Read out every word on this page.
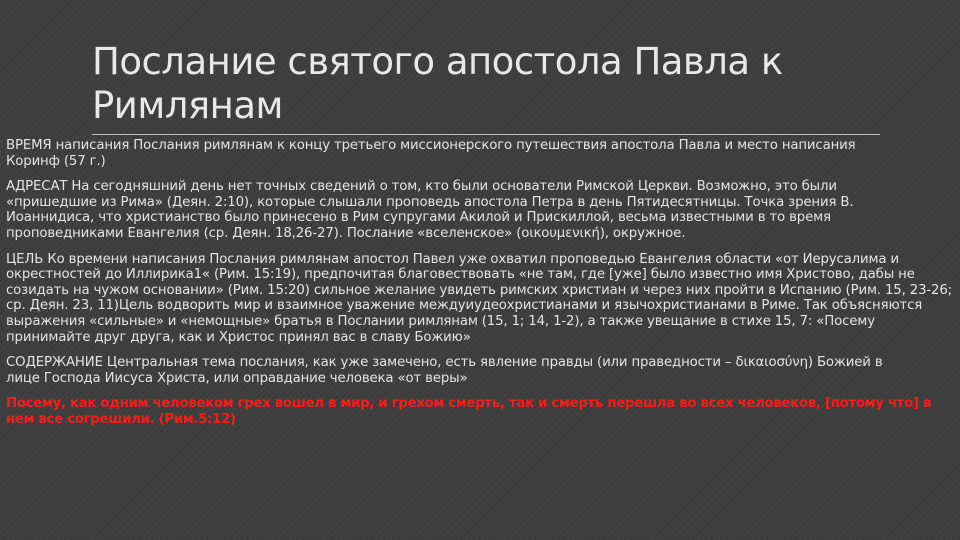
Послание святого апостола Павла к Римлянам

ВРЕМЯ написания Послания римлянам к концу третьего миссионерского путешествия апостола Павла и место написания Коринф (57 г.)

АДРЕСАТ На сегодняшний день нет точных сведений о том, кто были основатели Римской Церкви. Возможно, это были «пришедшие из Рима» (Деян. 2:10), которые слышали проповедь апостола Петра в день Пятидесятницы. Точка зрения В. Иоаннидиса, что христианство было принесено в Рим супругами Акилой и Прискиллой, весьма известными в то время проповедниками Евангелия (ср. Деян. 18,26-27). Послание «вселенское» (οικουμενική), окружное.

ЦЕЛЬ Ко времени написания Послания римлянам апостол Павел уже охватил проповедью Евангелия области «от Иерусалима и окрестностей до Иллирика1« (Рим. 15:19), предпочитая благовествовать «не там, где [уже] было известно имя Христово, дабы не созидать на чужом основании» (Рим. 15:20) сильное желание увидеть римских христиан и через них пройти в Испанию (Рим. 15, 23-26; ср. Деян. 23, 11)Цель водворить мир и взаимное уважение междуиудеохристианами и язычохристианами в Риме. Так объясняются выражения «сильные» и «немощные» братья в Послании римлянам (15, 1; 14, 1-2), а также увещание в стихе 15, 7: «Посему принимайте друг друга, как и Христос принял вас в славу Божию»

СОДЕРЖАНИЕ Центральная тема послания, как уже замечено, есть явление правды (или праведности – δικαιοσύνη) Божией в лице Господа Иисуса Христа, или оправдание человека «от веры»

Посему, как одним человеком грех вошел в мир, и грехом смерть, так и смерть перешла во всех человеков, [потому что] в нем все согрешили. (Рим.5:12)
